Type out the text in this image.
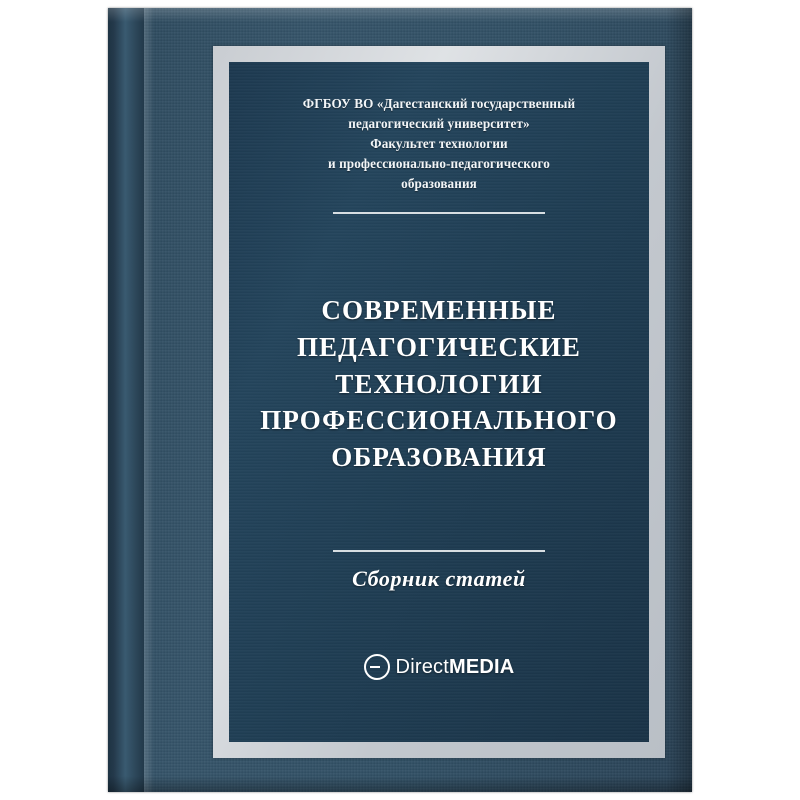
ФГБОУ ВО «Дагестанский государственный
педагогический университет»
Факультет технологии
и профессионально-педагогического
образования
СОВРЕМЕННЫЕ
ПЕДАГОГИЧЕСКИЕ
ТЕХНОЛОГИИ
ПРОФЕССИОНАЛЬНОГО
ОБРАЗОВАНИЯ
Сборник статей
DirectMEDIA
